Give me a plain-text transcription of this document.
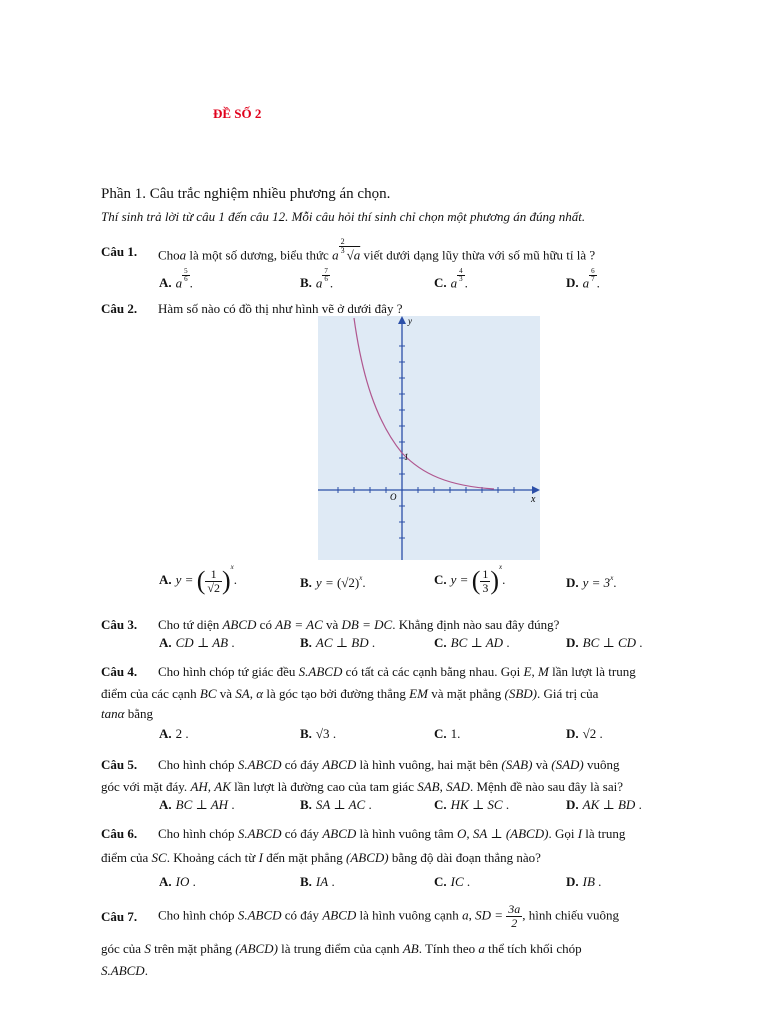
ĐỀ SỐ 2
Phần 1. Câu trắc nghiệm nhiều phương án chọn.
Thí sinh trả lời từ câu 1 đến câu 12. Mỗi câu hỏi thí sinh chỉ chọn một phương án đúng nhất.
Câu 1. Choa là một số dương, biểu thức a $^{\frac{2}{3}}$ √a viết dưới dạng lũy thừa với số mũ hữu tỉ là ?
A. a $^{\frac{5}{6}}$ .	B. a $^{\frac{7}{6}}$ .	C. a $^{\frac{4}{3}}$ .	D. a $^{\frac{6}{7}}$ .
Câu 2. Hàm số nào có đồ thị như hình vẽ ở dưới đây ?
y
x
O
1
A. y = ( $\frac{1}{√2} )^x$.	B. $y = (√2)^x$.	C. y = ( $\frac{1}{3} )^x$.	D. $y = 3^x$.
Câu 3. Cho tứ diện ABCD có AB = AC và DB = DC. Khẳng định nào sau đây đúng?
A. CD ⊥ AB .	B. AC ⊥ BD .	C. BC ⊥ AD .	D. BC ⊥ CD .
Câu 4. Cho hình chóp tứ giác đều S.ABCD có tất cả các cạnh bằng nhau. Gọi E, M lần lượt là trung
điểm của các cạnh BC và SA, α là góc tạo bởi đường thẳng EM và mặt phẳng (SBD). Giá trị của
tanα bằng
A. 2 .	B. √3 .	C. 1.	D. √2 .
Câu 5. Cho hình chóp S.ABCD có đáy ABCD là hình vuông, hai mặt bên (SAB) và (SAD) vuông
góc với mặt đáy. AH, AK lần lượt là đường cao của tam giác SAB, SAD. Mệnh đề nào sau đây là sai?
A. BC ⊥ AH .	B. SA ⊥ AC .	C. HK ⊥ SC .	D. AK ⊥ BD .
Câu 6. Cho hình chóp S.ABCD có đáy ABCD là hình vuông tâm O, SA ⊥ (ABCD). Gọi I là trung
điểm của SC. Khoảng cách từ I đến mặt phẳng (ABCD) bằng độ dài đoạn thẳng nào?
A. IO .	B. IA .	C. IC .	D. IB .
Câu 7. Cho hình chóp S.ABCD có đáy ABCD là hình vuông cạnh a, SD = $\frac{3a}{2}$ , hình chiếu vuông
góc của S trên mặt phẳng (ABCD) là trung điểm của cạnh AB. Tính theo a thể tích khối chóp
S.ABCD.
